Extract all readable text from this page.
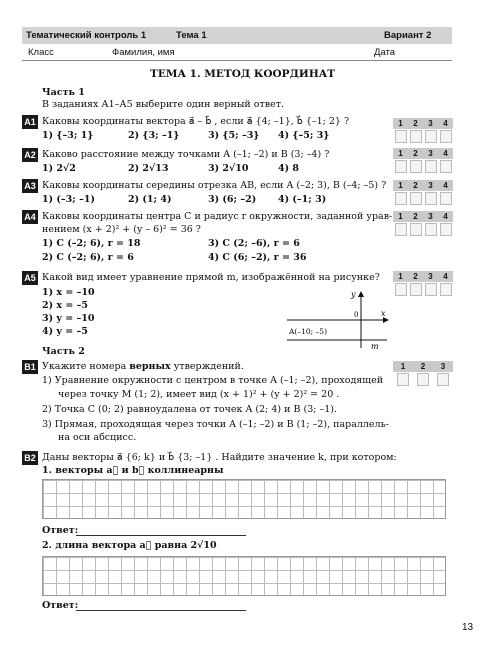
Тематический контроль 1	Тема 1	Вариант 2
Класс	Фамилия, имя	Дата
ТЕМА 1. МЕТОД КООРДИНАТ
Часть 1
В заданиях А1–А5 выберите один верный ответ.
А1 Каковы координаты вектора a⃗ – b⃗ , если a⃗ {4; –1}, b⃗ {–1; 2} ?
1) {–3; 1}	2) {3; –1}	3) {5; –3} 4) {–5; 3}
1 2 3 4
А2 Каково расстояние между точками A (–1; –2) и B (3; –4) ?
1) 2√2	2) 2√13	3) 2√10	4) 8
1 2 3 4
А3 Каковы координаты середины отрезка AB, если A (–2; 3), B (–4; –5) ?
1) (–3; –1)	2) (1; 4)	3) (6; –2) 4) (–1; 3)
1 2 3 4
А4 Каковы координаты центра C и радиус r окружности, заданной урав-
нением (x + 2)² + (y – 6)² = 36 ?
1) C (–2; 6), r = 18	3) C (2; –6), r = 6
2) C (–2; 6), r = 6	4) C (6; –2), r = 36
1 2 3 4
А5 Какой вид имеет уравнение прямой m, изображённой на рисунке?
1) x = –10
2) x = –5
3) y = –10
4) y = –5
1 2 3 4
y
x
0
A(–10; –5)
m
Часть 2
В1 Укажите номера верных утверждений.
1) Уравнение окружности с центром в точке A (–1; –2), проходящей
через точку M (1; 2), имеет вид (x + 1)² + (y + 2)² = 20 .
2) Точка C (0; 2) равноудалена от точек A (2; 4) и B (3; –1).
3) Прямая, проходящая через точки A (–1; –2) и B (1; –2), параллель-
на оси абсцисс.
1 2 3
В2 Даны векторы a⃗ {6; k} и b⃗ {3; –1} . Найдите значение k, при котором:
1. векторы a⃗ и b⃗ коллинеарны
Ответ:
2. длина вектора a⃗ равна 2√10
Ответ:
13
